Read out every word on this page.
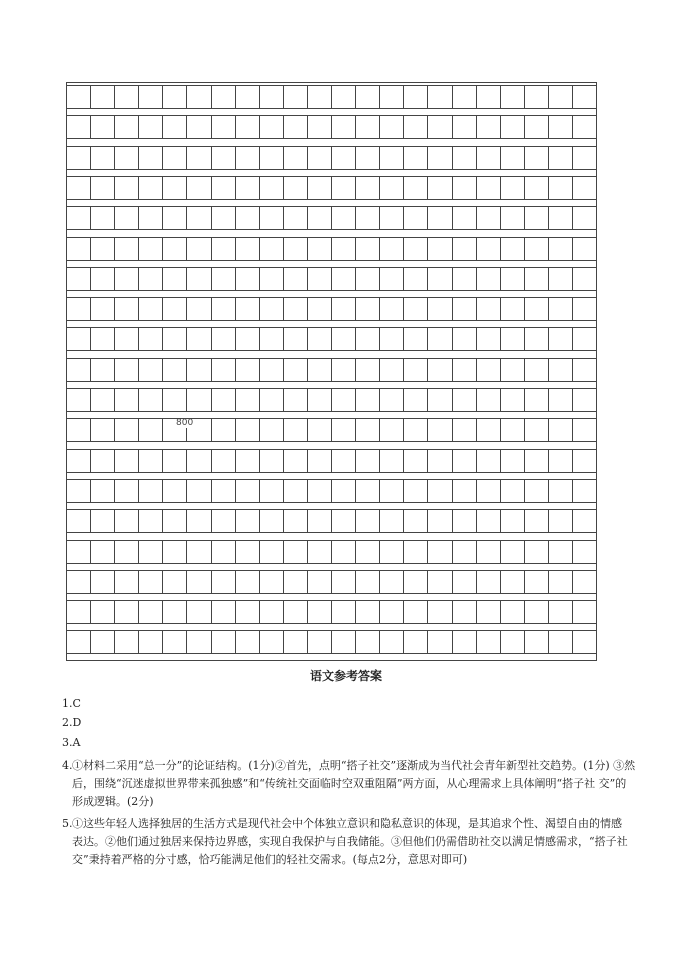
800
语文参考答案
1.C
2.D
3.A
4. ①材料二采用“总一分”的论证结构。(1分)②首先，点明“搭子社交”逐渐成为当代社会青年新型社交趋势。(1分) ③然后，围绕“沉迷虚拟世界带来孤独感”和“传统社交面临时空双重阻隔”两方面，从心理需求上具体阐明“搭子社 交”的形成逻辑。(2分)
5. ①这些年轻人选择独居的生活方式是现代社会中个体独立意识和隐私意识的体现，是其追求个性、渴望自由的情感 表达。②他们通过独居来保持边界感，实现自我保护与自我储能。③但他们仍需借助社交以满足情感需求，“搭子社 交”秉持着严格的分寸感，恰巧能满足他们的轻社交需求。(每点2分，意思对即可)
